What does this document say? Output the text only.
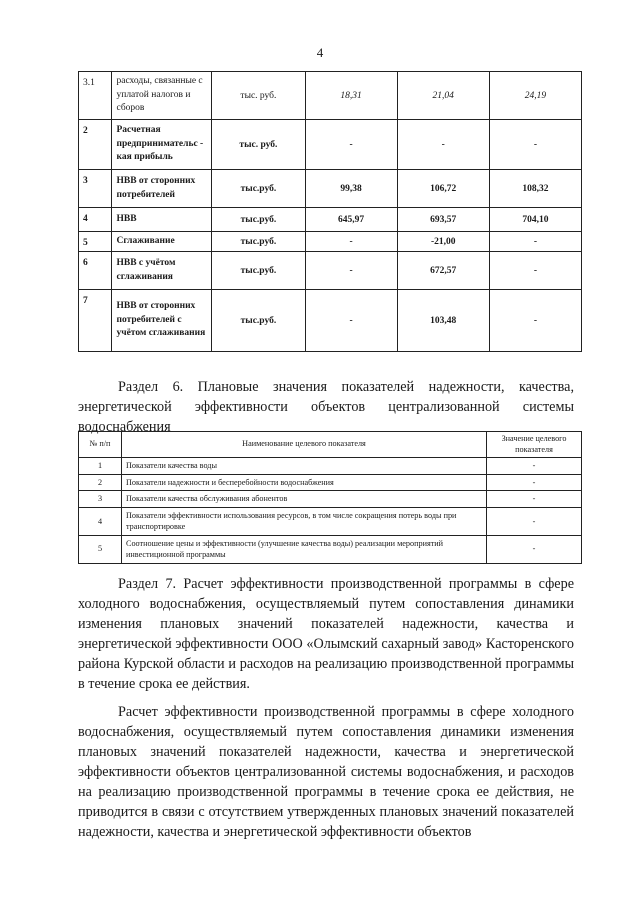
4
3.1	расходы, связанные с уплатой налогов и сборов	тыс. руб.	18,31	21,04	24,19
2	Расчетная предпринимательс - кая прибыль	тыс. руб.	-	-	-
3	НВВ от сторонних потребителей	тыс.руб.	99,38	106,72	108,32
4	НВВ	тыс.руб.	645,97	693,57	704,10
5	Сглаживание	тыс.руб.	-	-21,00	-
6	НВВ с учётом сглаживания	тыс.руб.	-	672,57	-
7	НВВ от сторонних потребителей с учётом сглаживания	тыс.руб.	-	103,48	-
Раздел 6. Плановые значения показателей надежности, качества, энергетической эффективности объектов централизованной системы водоснабжения
№ п/п	Наименование целевого показателя	Значение целевого показателя
1	Показатели качества воды	-
2	Показатели надежности и бесперебойности водоснабжения	-
3	Показатели качества обслуживания абонентов	-
4	Показатели эффективности использования ресурсов, в том числе сокращения потерь воды при транспортировке	-
5	Соотношение цены и эффективности (улучшение качества воды) реализации мероприятий инвестиционной программы	-
Раздел 7. Расчет эффективности производственной программы в сфере холодного водоснабжения, осуществляемый путем сопоставления динамики изменения плановых значений показателей надежности, качества и энергетической эффективности ООО «Олымский сахарный завод» Касторенского района Курской области и расходов на реализацию производственной программы в течение срока ее действия.
Расчет эффективности производственной программы в сфере холодного водоснабжения, осуществляемый путем сопоставления динамики изменения плановых значений показателей надежности, качества и энергетической эффективности объектов централизованной системы водоснабжения, и расходов на реализацию производственной программы в течение срока ее действия, не приводится в связи с отсутствием утвержденных плановых значений показателей надежности, качества и энергетической эффективности объектов
